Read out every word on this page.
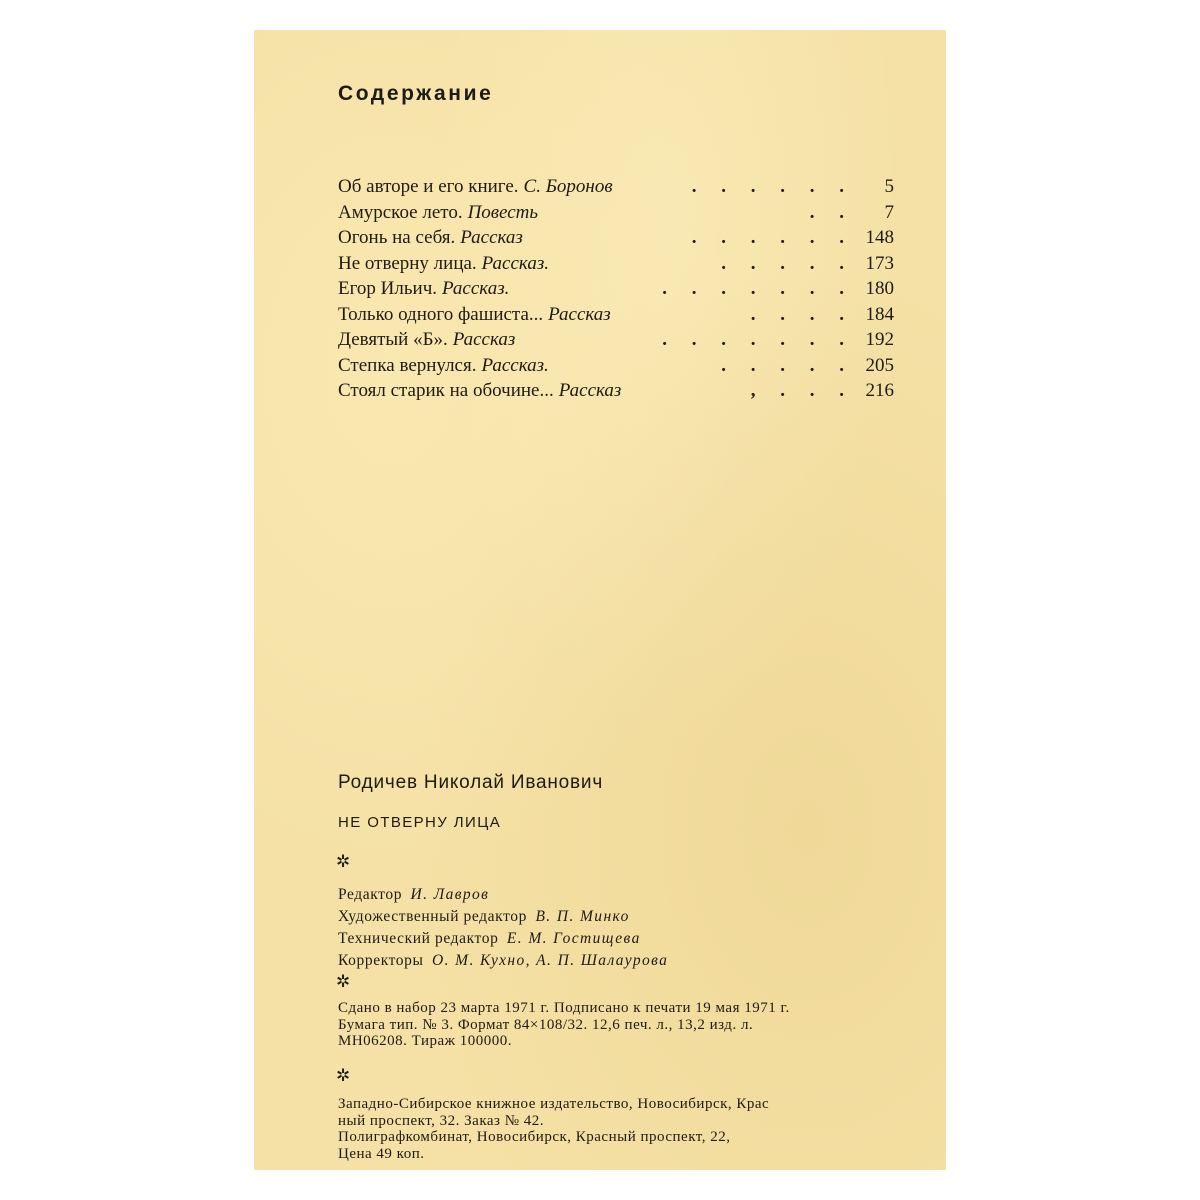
Содержание
Об авторе и его книге. С. Боронов	. . . . . .	5
Амурское лето. Повесть	. .	7
Огонь на себя. Рассказ	. . . . . . 148
Не отверну лица. Рассказ.	. . . . . 173
Егор Ильич. Рассказ.	. . . . . . . 180
Только одного фашиста... Рассказ	. . . . 184
Девятый «Б». Рассказ	. . . . . . . 192
Степка вернулся. Рассказ.	. . . . . 205
Стоял старик на обочине... Рассказ	, . . . 216
Родичев Николай Иванович
НЕ ОТВЕРНУ ЛИЦА
✲
Редактор И. Лавров
Художественный редактор В. П. Минко
Технический редактор Е. М. Гостищева
Корректоры О. М. Кухно, А. П. Шалаурова
✲
Сдано в набор 23 марта 1971 г. Подписано к печати 19 мая 1971 г.
Бумага тип. № 3. Формат 84×108/32. 12,6 печ. л., 13,2 изд. л.
МН06208. Тираж 100000.
✲
Западно-Сибирское книжное издательство, Новосибирск, Крас
ный проспект, 32. Заказ № 42.
Полиграфкомбинат, Новосибирск, Красный проспект, 22,
Цена 49 коп.
